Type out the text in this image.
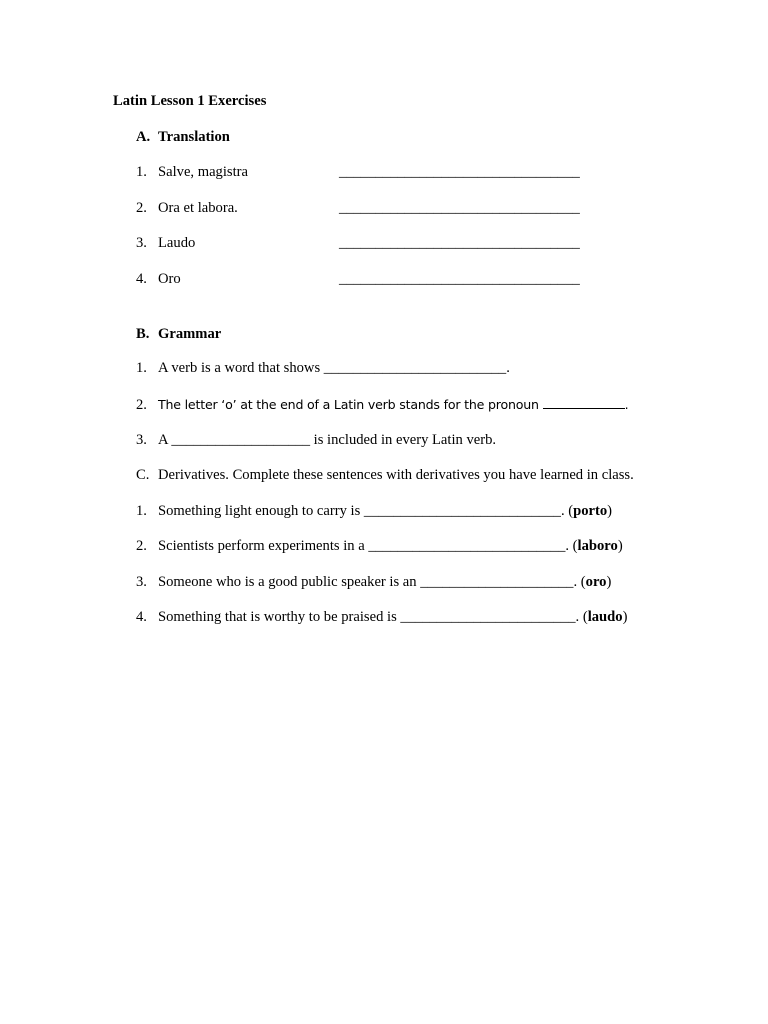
Latin Lesson 1 Exercises
A. Translation
1. Salve, magistra	_________________________________
2. Ora et labora.	_________________________________
3. Laudo	_________________________________
4. Oro	_________________________________
B. Grammar
1. A verb is a word that shows _________________________.
2. The letter ‘o’ at the end of a Latin verb stands for the pronoun	.
3. A ___________________ is included in every Latin verb.
C. Derivatives. Complete these sentences with derivatives you have learned in class.
1. Something light enough to carry is ___________________________. (porto)
2. Scientists perform experiments in a ___________________________. (laboro)
3. Someone who is a good public speaker is an _____________________. (oro)
4. Something that is worthy to be praised is ________________________. (laudo)
